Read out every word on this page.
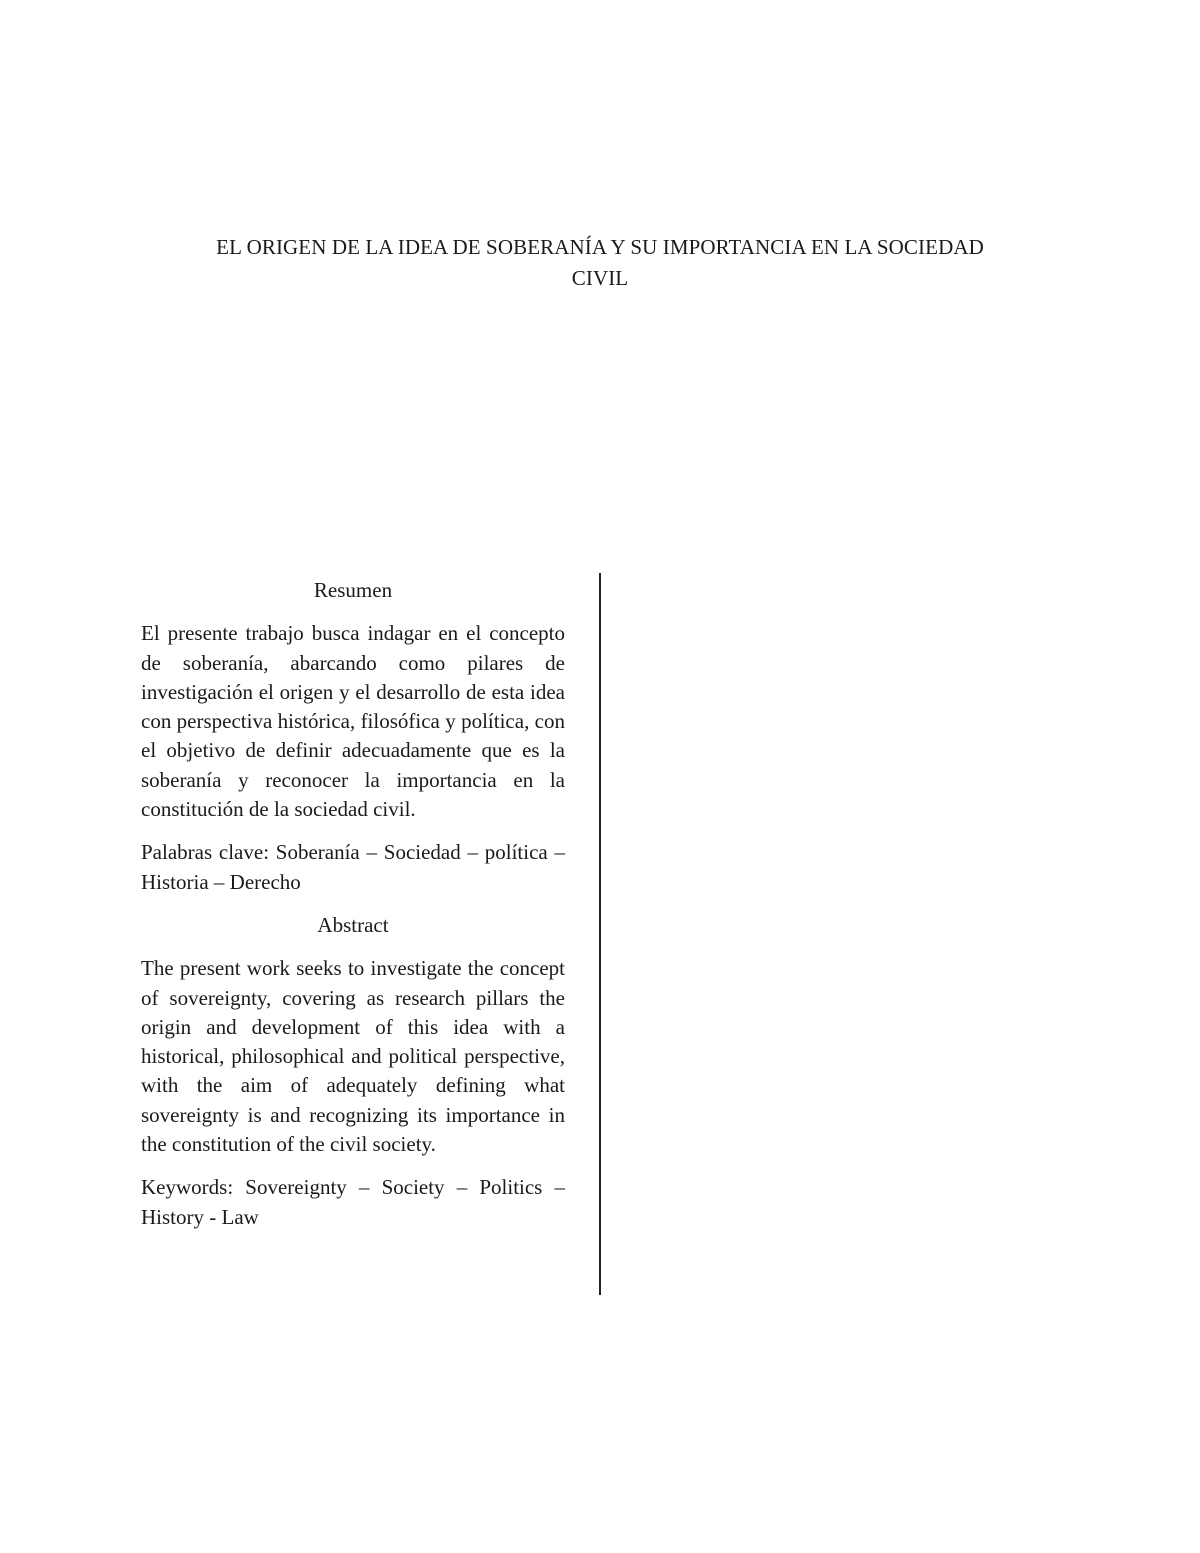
EL ORIGEN DE LA IDEA DE SOBERANÍA Y SU IMPORTANCIA EN LA SOCIEDAD
CIVIL

Resumen

El presente trabajo busca indagar en el concepto de soberanía, abarcando como pilares de investigación el origen y el desarrollo de esta idea con perspectiva histórica, filosófica y política, con el objetivo de definir adecuadamente que es la soberanía y reconocer la importancia en la constitución de la sociedad civil.

Palabras clave: Soberanía – Sociedad – política – Historia – Derecho

Abstract

The present work seeks to investigate the concept of sovereignty, covering as research pillars the origin and development of this idea with a historical, philosophical and political perspective, with the aim of adequately defining what sovereignty is and recognizing its importance in the constitution of the civil society.

Keywords: Sovereignty – Society – Politics – History - Law
